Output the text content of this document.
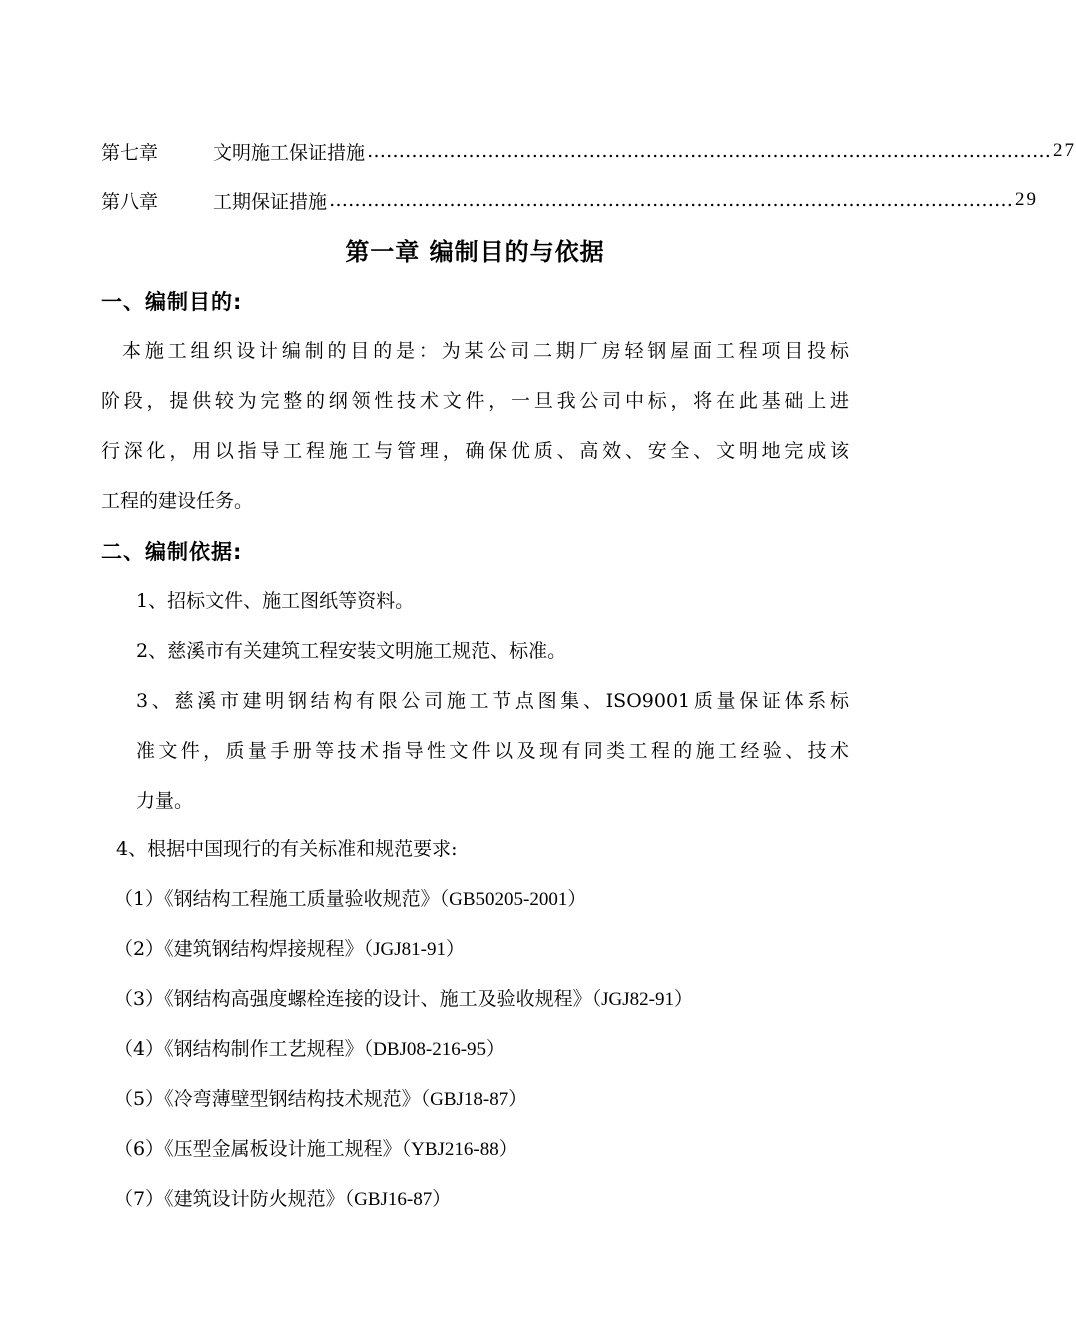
第七章	文明施工保证措施 ……………………………………………………………………………………………… 27
第八章	工期保证措施 ……………………………………………………………………………………………… 29
第一章 编制目的与依据
一、编制目的:
本施工组织设计编制的目的是：为某公司二期厂房轻钢屋面工程项目投标
阶段，提供较为完整的纲领性技术文件，一旦我公司中标，将在此基础上进
行深化，用以指导工程施工与管理，确保优质、高效、安全、文明地完成该
工程的建设任务。
二、编制依据:
1、招标文件、施工图纸等资料。
2、慈溪市有关建筑工程安装文明施工规范、标准。
3、慈溪市建明钢结构有限公司施工节点图集、ISO9001质量保证体系标
准文件，质量手册等技术指导性文件以及现有同类工程的施工经验、技术
力量。
4、根据中国现行的有关标准和规范要求:
（1）《钢结构工程施工质量验收规范》（GB50205-2001）
（2）《建筑钢结构焊接规程》（JGJ81-91）
（3）《钢结构高强度螺栓连接的设计、施工及验收规程》（JGJ82-91）
（4）《钢结构制作工艺规程》（DBJ08-216-95）
（5）《冷弯薄壁型钢结构技术规范》（GBJ18-87）
（6）《压型金属板设计施工规程》（YBJ216-88）
（7）《建筑设计防火规范》（GBJ16-87）
